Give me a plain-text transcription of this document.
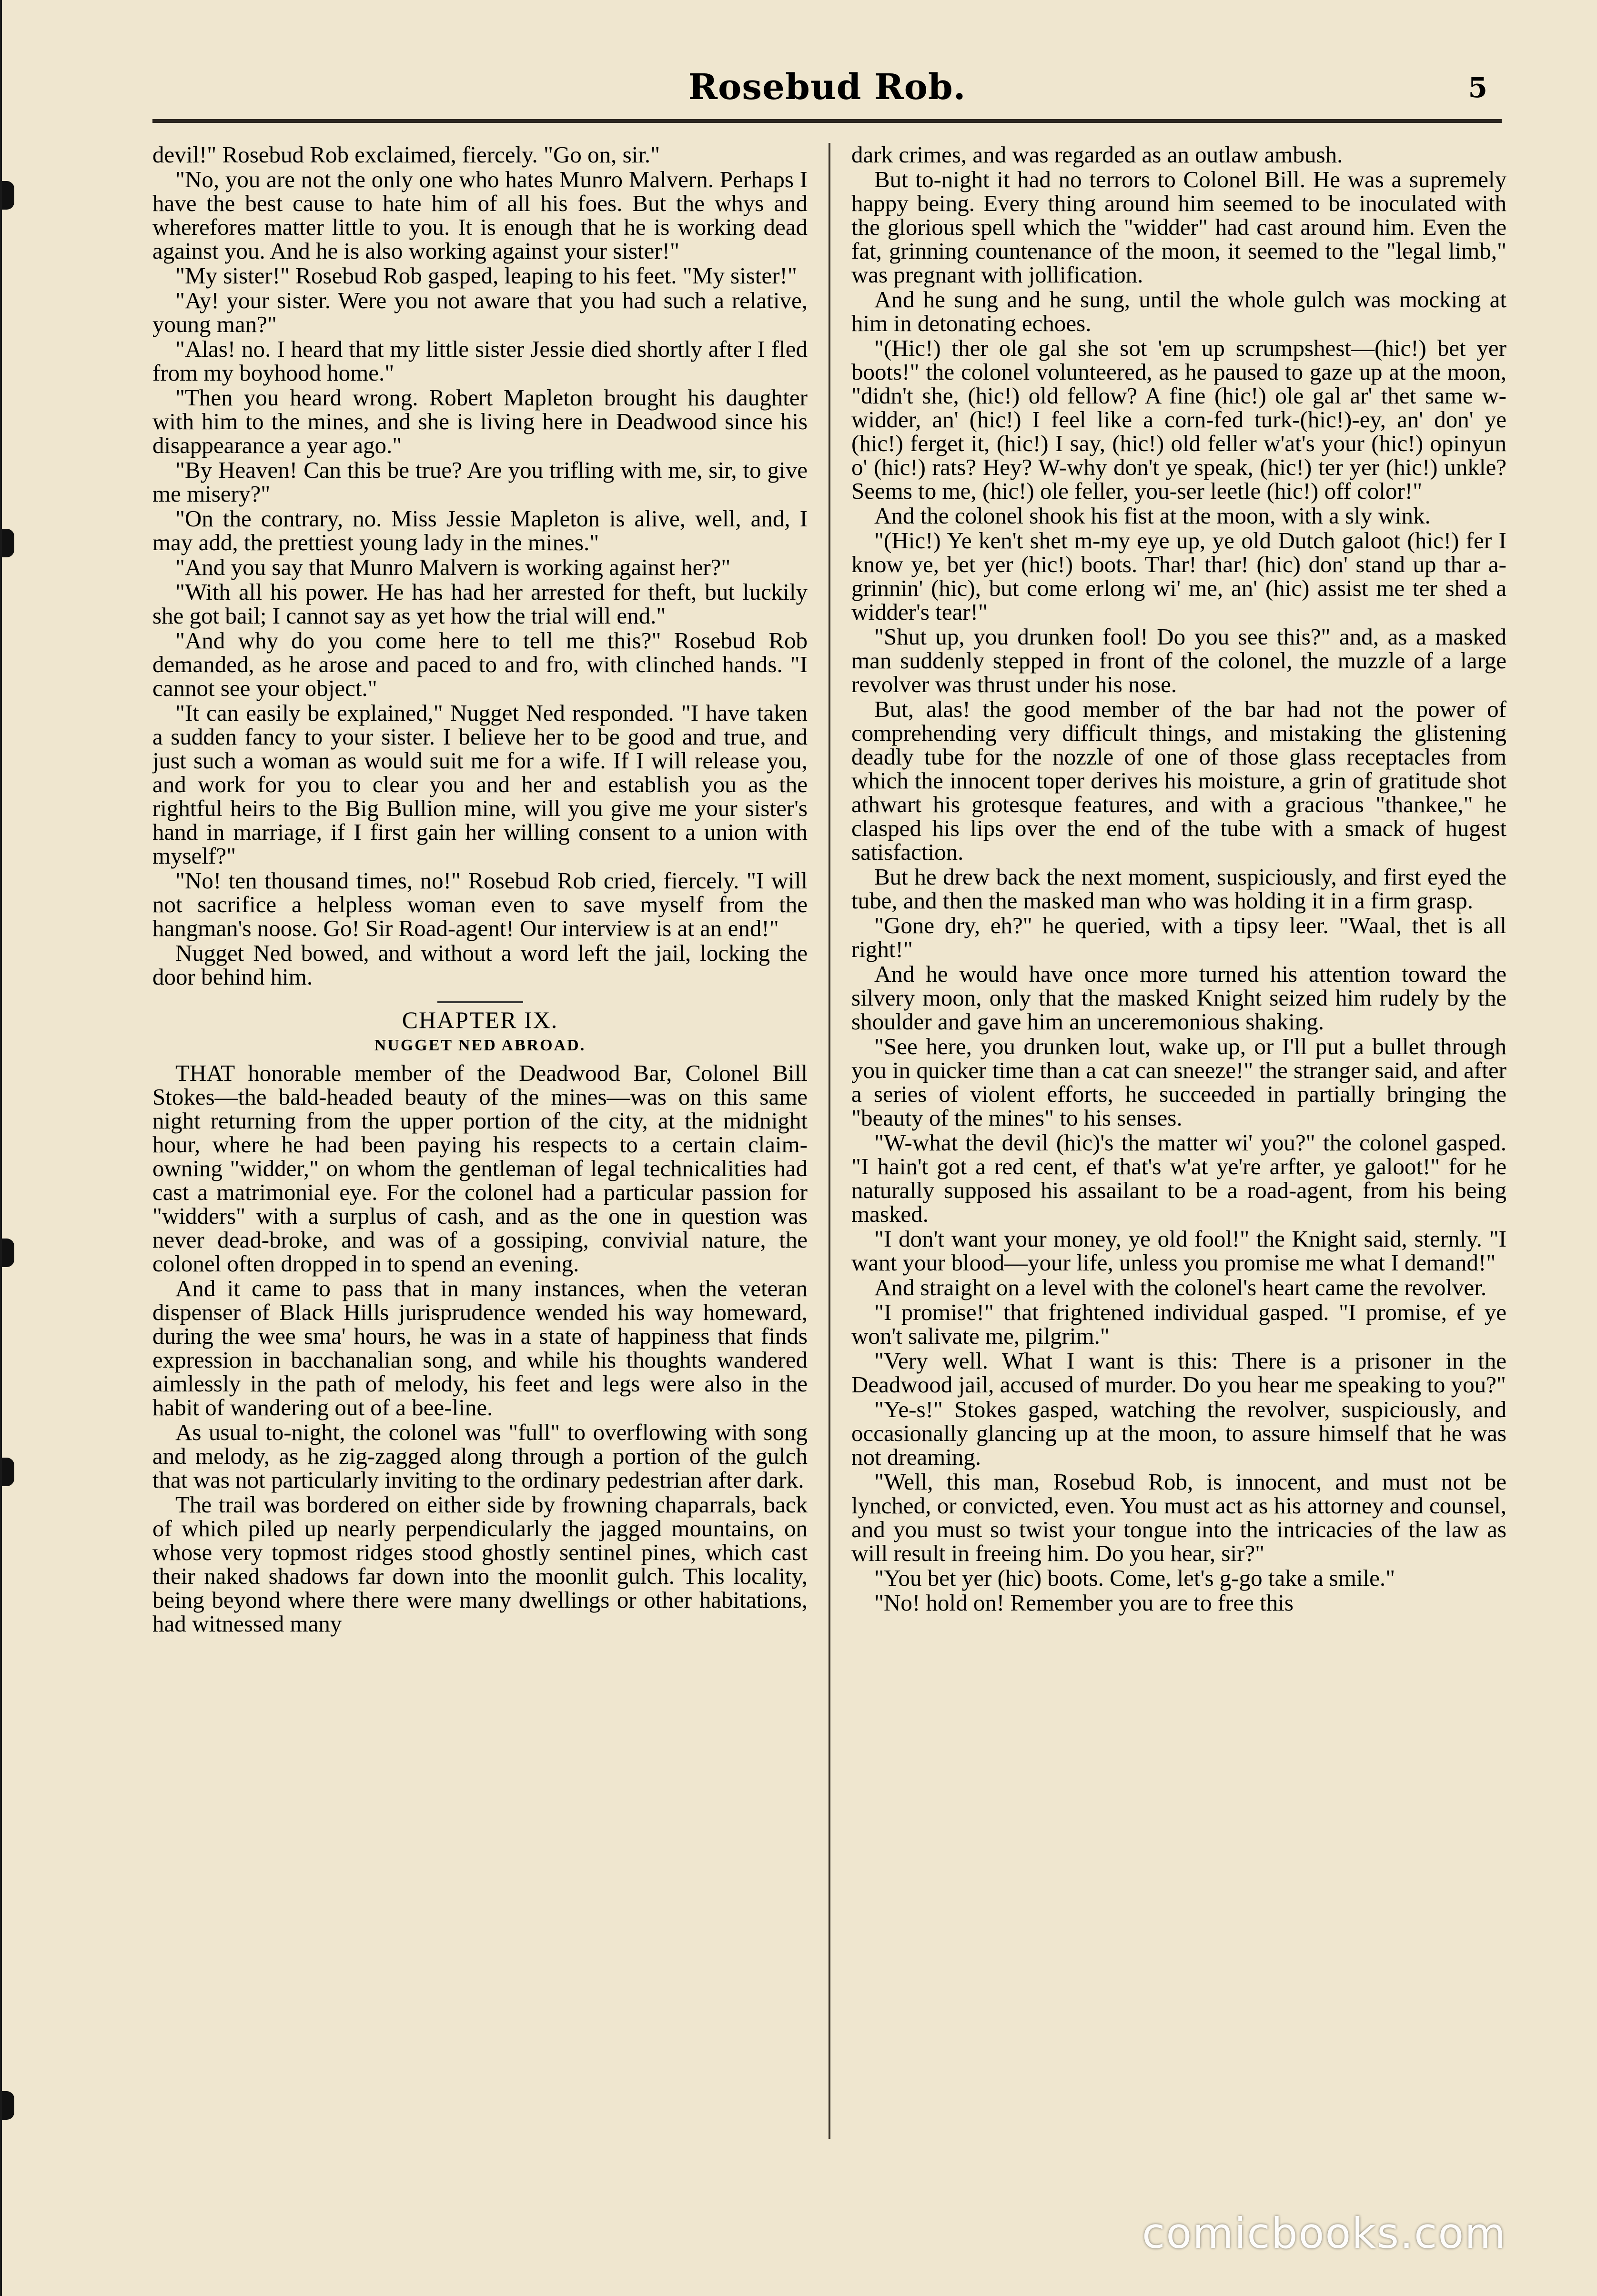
Rosebud Rob.	5

devil!" Rosebud Rob exclaimed, fiercely. "Go on, sir."

"No, you are not the only one who hates Munro Malvern. Perhaps I have the best cause to hate him of all his foes. But the whys and wherefores matter little to you. It is enough that he is working dead against you. And he is also working against your sister!"

"My sister!" Rosebud Rob gasped, leaping to his feet. "My sister!"

"Ay! your sister. Were you not aware that you had such a relative, young man?"

"Alas! no. I heard that my little sister Jessie died shortly after I fled from my boyhood home."

"Then you heard wrong. Robert Mapleton brought his daughter with him to the mines, and she is living here in Deadwood since his disappearance a year ago."

"By Heaven! Can this be true? Are you trifling with me, sir, to give me misery?"

"On the contrary, no. Miss Jessie Mapleton is alive, well, and, I may add, the prettiest young lady in the mines."

"And you say that Munro Malvern is working against her?"

"With all his power. He has had her arrested for theft, but luckily she got bail; I cannot say as yet how the trial will end."

"And why do you come here to tell me this?" Rosebud Rob demanded, as he arose and paced to and fro, with clinched hands. "I cannot see your object."

"It can easily be explained," Nugget Ned responded. "I have taken a sudden fancy to your sister. I believe her to be good and true, and just such a woman as would suit me for a wife. If I will release you, and work for you to clear you and her and establish you as the rightful heirs to the Big Bullion mine, will you give me your sister's hand in marriage, if I first gain her willing consent to a union with myself?"

"No! ten thousand times, no!" Rosebud Rob cried, fiercely. "I will not sacrifice a helpless woman even to save myself from the hangman's noose. Go! Sir Road-agent! Our interview is at an end!"

Nugget Ned bowed, and without a word left the jail, locking the door behind him.

CHAPTER IX.
NUGGET NED ABROAD.

THAT honorable member of the Deadwood Bar, Colonel Bill Stokes—the bald-headed beauty of the mines—was on this same night returning from the upper portion of the city, at the midnight hour, where he had been paying his respects to a certain claim-owning "widder," on whom the gentleman of legal technicalities had cast a matrimonial eye. For the colonel had a particular passion for "widders" with a surplus of cash, and as the one in question was never dead-broke, and was of a gossiping, convivial nature, the colonel often dropped in to spend an evening.

And it came to pass that in many instances, when the veteran dispenser of Black Hills jurisprudence wended his way homeward, during the wee sma' hours, he was in a state of happiness that finds expression in bacchanalian song, and while his thoughts wandered aimlessly in the path of melody, his feet and legs were also in the habit of wandering out of a bee-line.

As usual to-night, the colonel was "full" to overflowing with song and melody, as he zig-zagged along through a portion of the gulch that was not particularly inviting to the ordinary pedestrian after dark.

The trail was bordered on either side by frowning chaparrals, back of which piled up nearly perpendicularly the jagged mountains, on whose very topmost ridges stood ghostly sentinel pines, which cast their naked shadows far down into the moonlit gulch. This locality, being beyond where there were many dwellings or other habitations, had witnessed many

dark crimes, and was regarded as an outlaw ambush.

But to-night it had no terrors to Colonel Bill. He was a supremely happy being. Every thing around him seemed to be inoculated with the glorious spell which the "widder" had cast around him. Even the fat, grinning countenance of the moon, it seemed to the "legal limb," was pregnant with jollification.

And he sung and he sung, until the whole gulch was mocking at him in detonating echoes.

"(Hic!) ther ole gal she sot 'em up scrumpshest—(hic!) bet yer boots!" the colonel volunteered, as he paused to gaze up at the moon, "didn't she, (hic!) old fellow? A fine (hic!) ole gal ar' thet same w-widder, an' (hic!) I feel like a corn-fed turk-(hic!)-ey, an' don' ye (hic!) ferget it, (hic!) I say, (hic!) old feller w'at's your (hic!) opinyun o' (hic!) rats? Hey? W-why don't ye speak, (hic!) ter yer (hic!) unkle? Seems to me, (hic!) ole feller, you-ser leetle (hic!) off color!"

And the colonel shook his fist at the moon, with a sly wink.

"(Hic!) Ye ken't shet m-my eye up, ye old Dutch galoot (hic!) fer I know ye, bet yer (hic!) boots. Thar! thar! (hic) don' stand up thar a-grinnin' (hic), but come erlong wi' me, an' (hic) assist me ter shed a widder's tear!"

"Shut up, you drunken fool! Do you see this?" and, as a masked man suddenly stepped in front of the colonel, the muzzle of a large revolver was thrust under his nose.

But, alas! the good member of the bar had not the power of comprehending very difficult things, and mistaking the glistening deadly tube for the nozzle of one of those glass receptacles from which the innocent toper derives his moisture, a grin of gratitude shot athwart his grotesque features, and with a gracious "thankee," he clasped his lips over the end of the tube with a smack of hugest satisfaction.

But he drew back the next moment, suspiciously, and first eyed the tube, and then the masked man who was holding it in a firm grasp.

"Gone dry, eh?" he queried, with a tipsy leer. "Waal, thet is all right!"

And he would have once more turned his attention toward the silvery moon, only that the masked Knight seized him rudely by the shoulder and gave him an unceremonious shaking.

"See here, you drunken lout, wake up, or I'll put a bullet through you in quicker time than a cat can sneeze!" the stranger said, and after a series of violent efforts, he succeeded in partially bringing the "beauty of the mines" to his senses.

"W-what the devil (hic)'s the matter wi' you?" the colonel gasped. "I hain't got a red cent, ef that's w'at ye're arfter, ye galoot!" for he naturally supposed his assailant to be a road-agent, from his being masked.

"I don't want your money, ye old fool!" the Knight said, sternly. "I want your blood—your life, unless you promise me what I demand!"

And straight on a level with the colonel's heart came the revolver.

"I promise!" that frightened individual gasped. "I promise, ef ye won't salivate me, pilgrim."

"Very well. What I want is this: There is a prisoner in the Deadwood jail, accused of murder. Do you hear me speaking to you?"

"Ye-s!" Stokes gasped, watching the revolver, suspiciously, and occasionally glancing up at the moon, to assure himself that he was not dreaming.

"Well, this man, Rosebud Rob, is innocent, and must not be lynched, or convicted, even. You must act as his attorney and counsel, and you must so twist your tongue into the intricacies of the law as will result in freeing him. Do you hear, sir?"

"You bet yer (hic) boots. Come, let's g-go take a smile."

"No! hold on! Remember you are to free this

comicbooks.com
